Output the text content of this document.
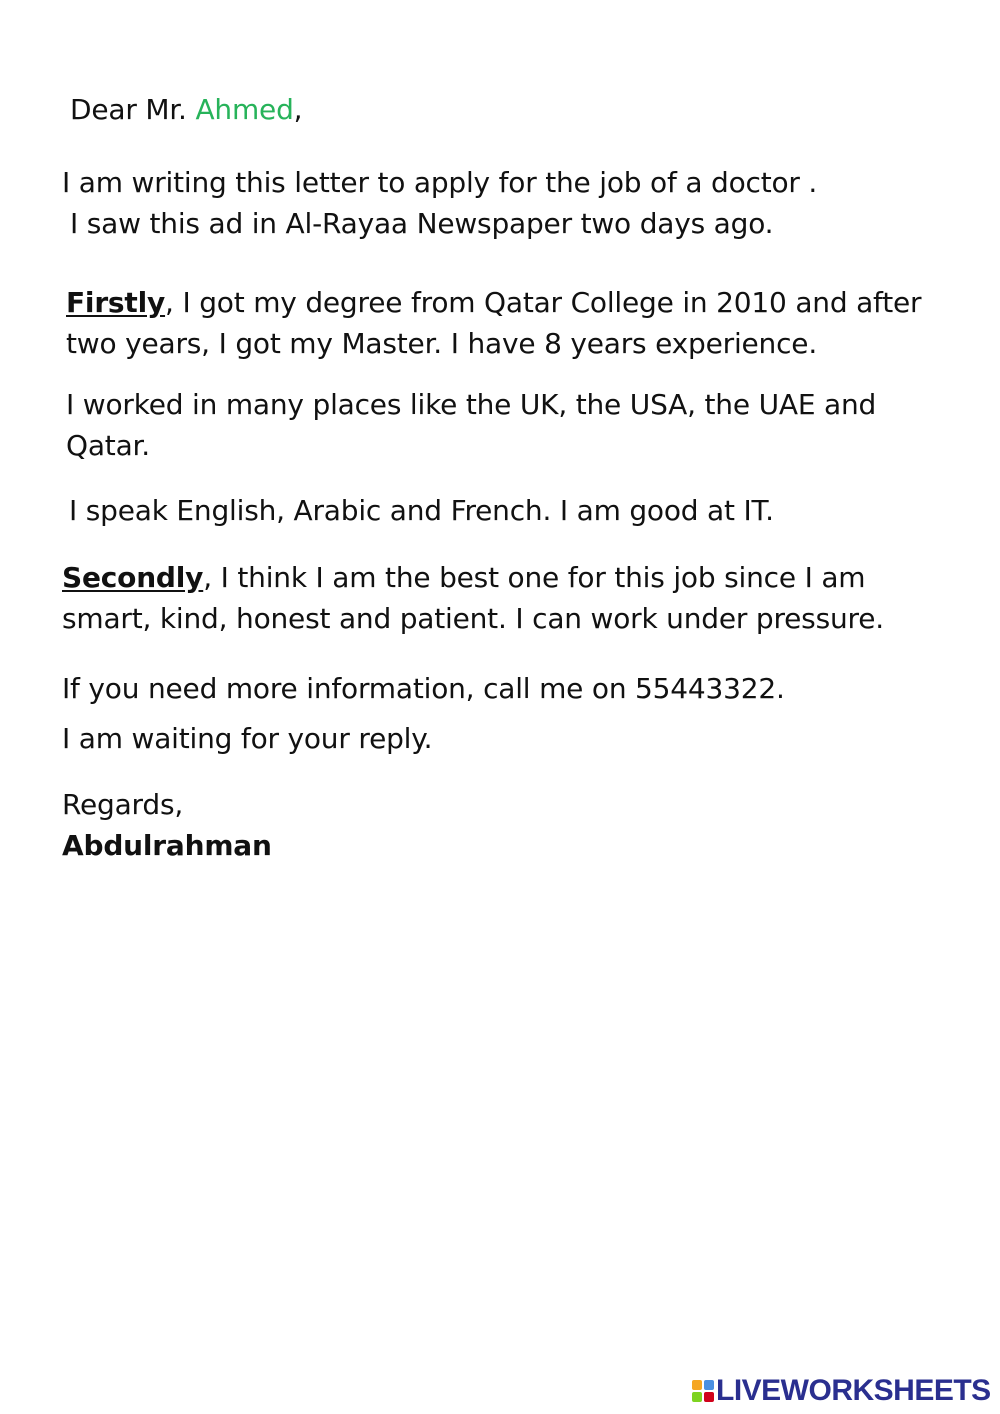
Dear Mr. Ahmed,
I am writing this letter to apply for the job of a doctor .
I saw this ad in Al-Rayaa Newspaper two days ago.
Firstly, I got my degree from Qatar College in 2010 and after
two years, I got my Master. I have 8 years experience.
I worked in many places like the UK, the USA, the UAE and
Qatar.
I speak English, Arabic and French. I am good at IT.
Secondly, I think I am the best one for this job since I am
smart, kind, honest and patient. I can work under pressure.
If you need more information, call me on 55443322.
I am waiting for your reply.
Regards,
Abdulrahman
LIVEWORKSHEETS
